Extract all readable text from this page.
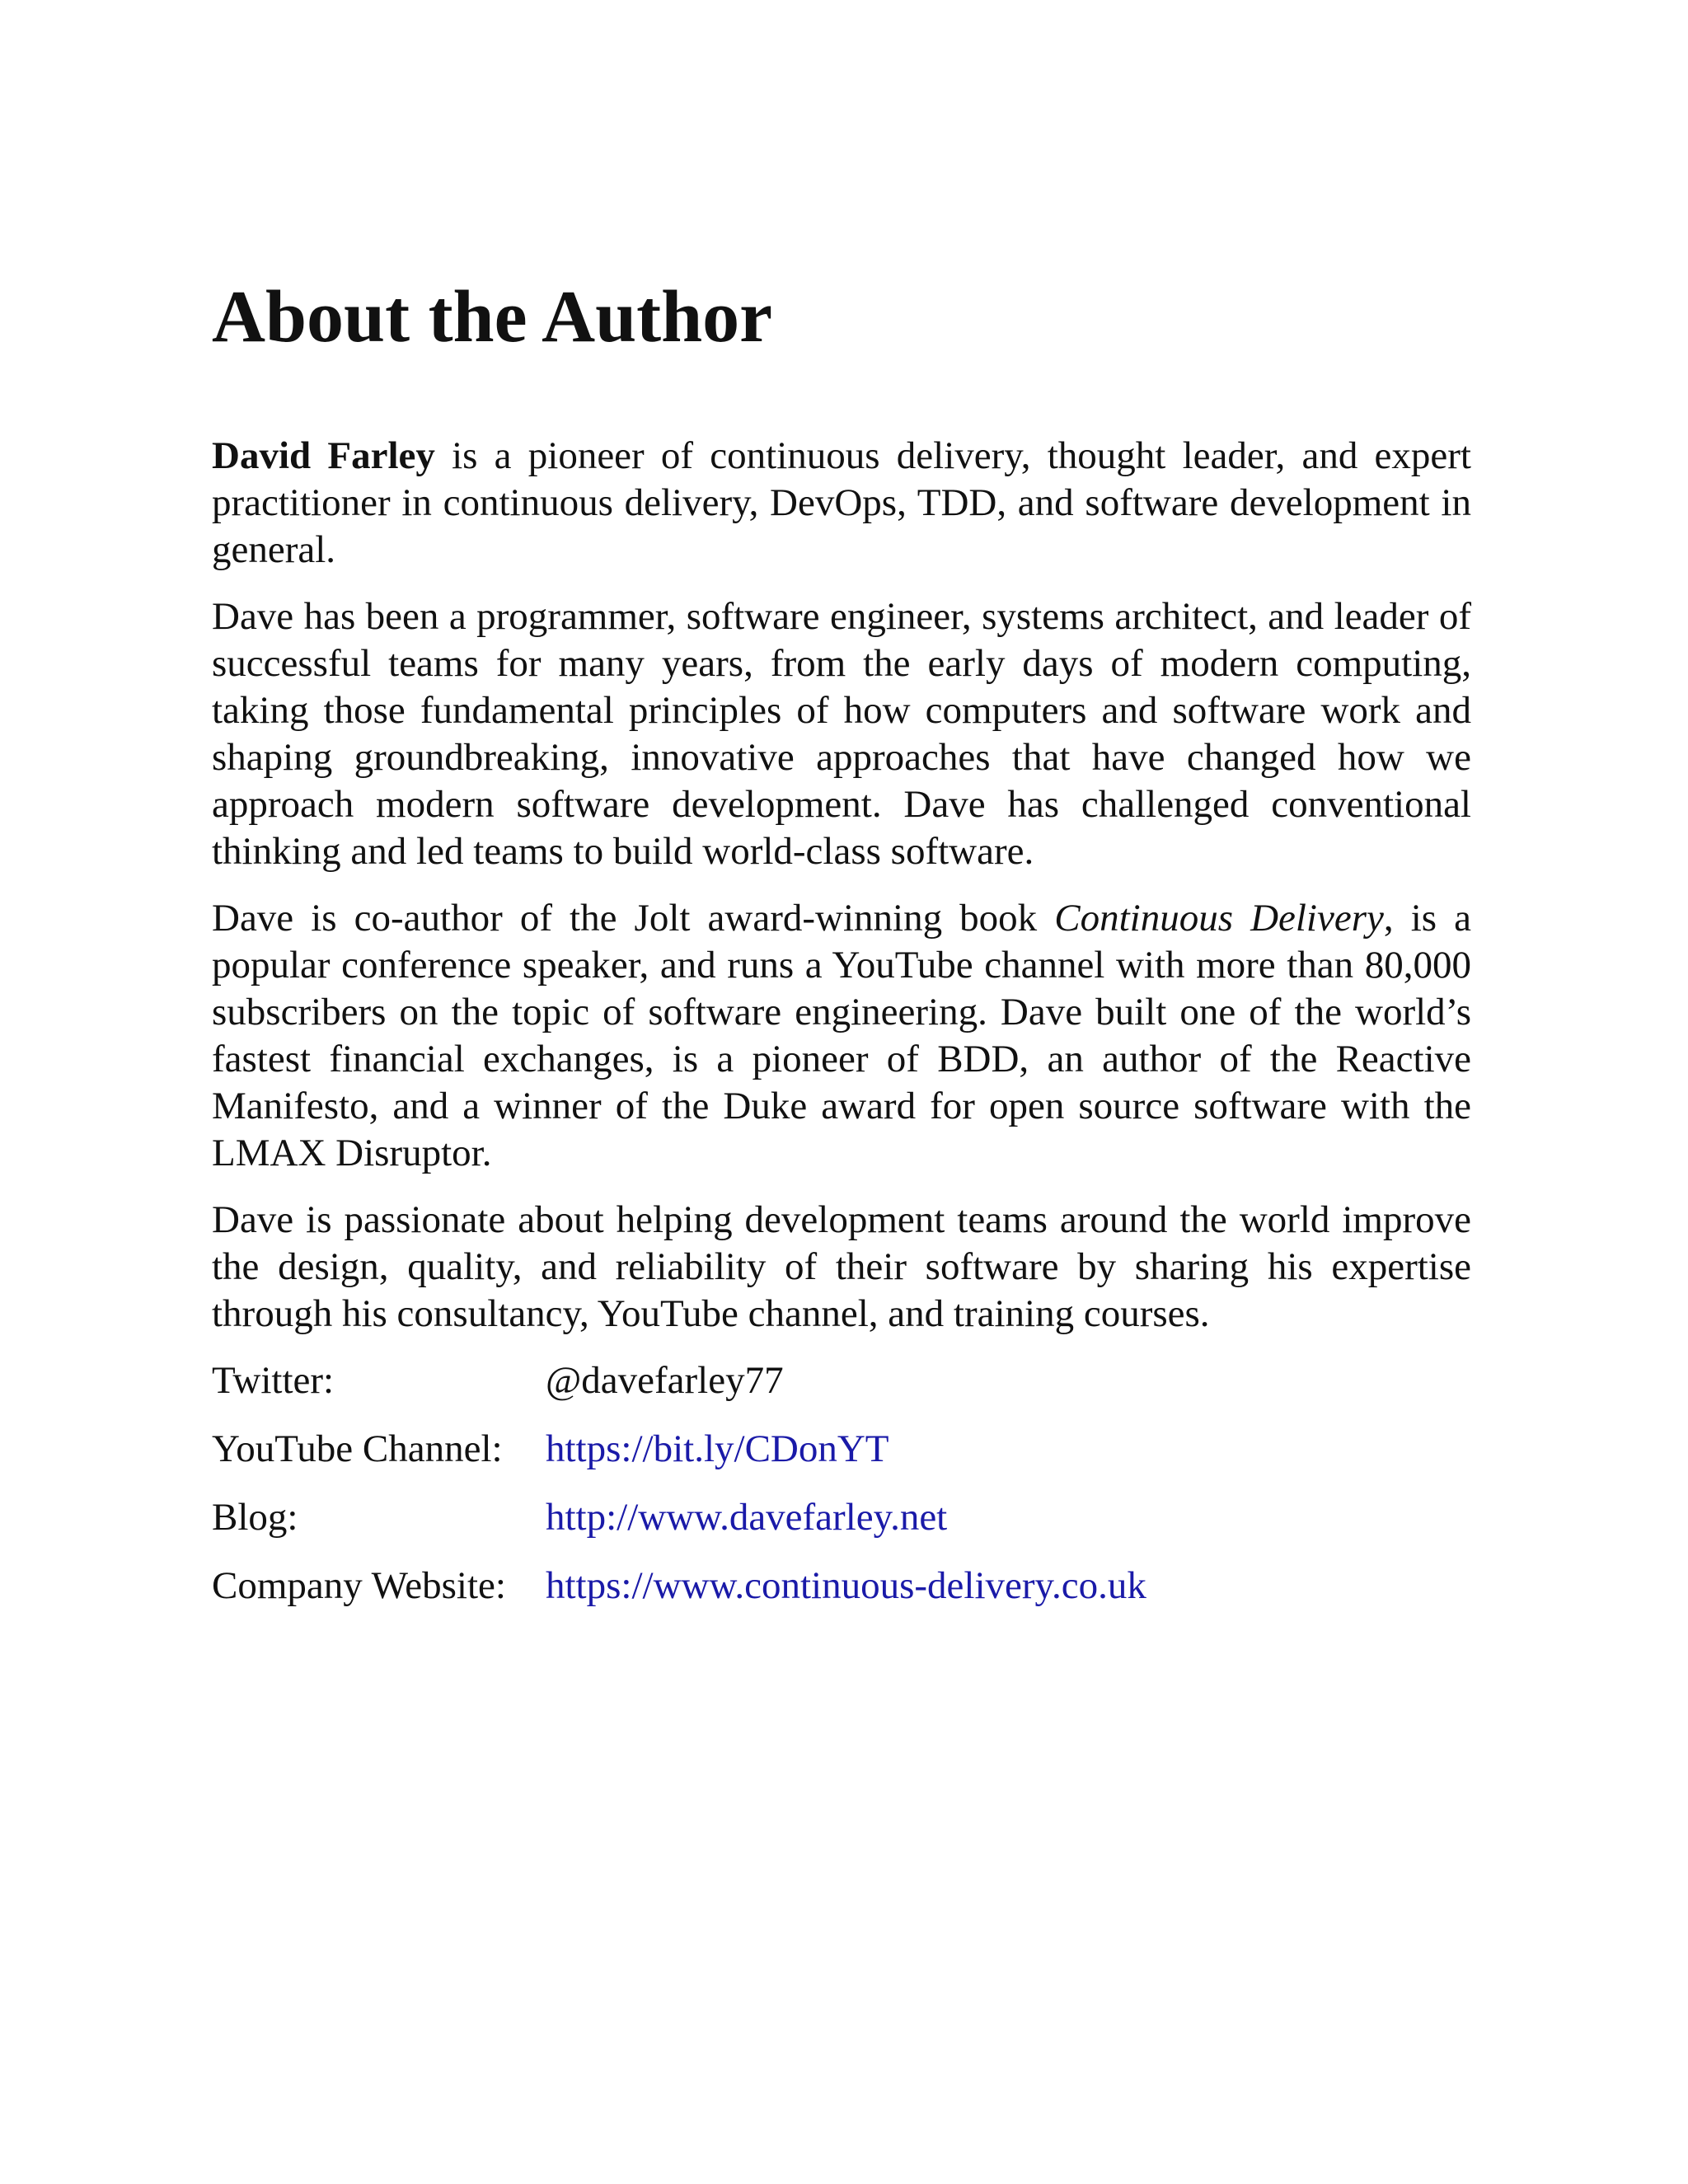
About the Author

David Farley is a pioneer of continuous delivery, thought leader, and expert practitioner in continuous delivery, DevOps, TDD, and software development in general.

Dave has been a programmer, software engineer, systems architect, and leader of successful teams for many years, from the early days of modern computing, taking those fundamental principles of how computers and software work and shaping groundbreaking, innovative approaches that have changed how we approach modern software development. Dave has challenged conventional thinking and led teams to build world-class software.

Dave is co-author of the Jolt award-winning book Continuous Delivery, is a popular conference speaker, and runs a YouTube channel with more than 80,000 subscribers on the topic of software engineering. Dave built one of the world’s fastest financial exchanges, is a pioneer of BDD, an author of the Reactive Manifesto, and a winner of the Duke award for open source software with the LMAX Disruptor.

Dave is passionate about helping development teams around the world improve the design, quality, and reliability of their software by sharing his expertise through his consultancy, YouTube channel, and training courses.

Twitter:	@davefarley77
YouTube Channel:	https://bit.ly/CDonYT
Blog:	http://www.davefarley.net
Company Website:	https://www.continuous-delivery.co.uk
